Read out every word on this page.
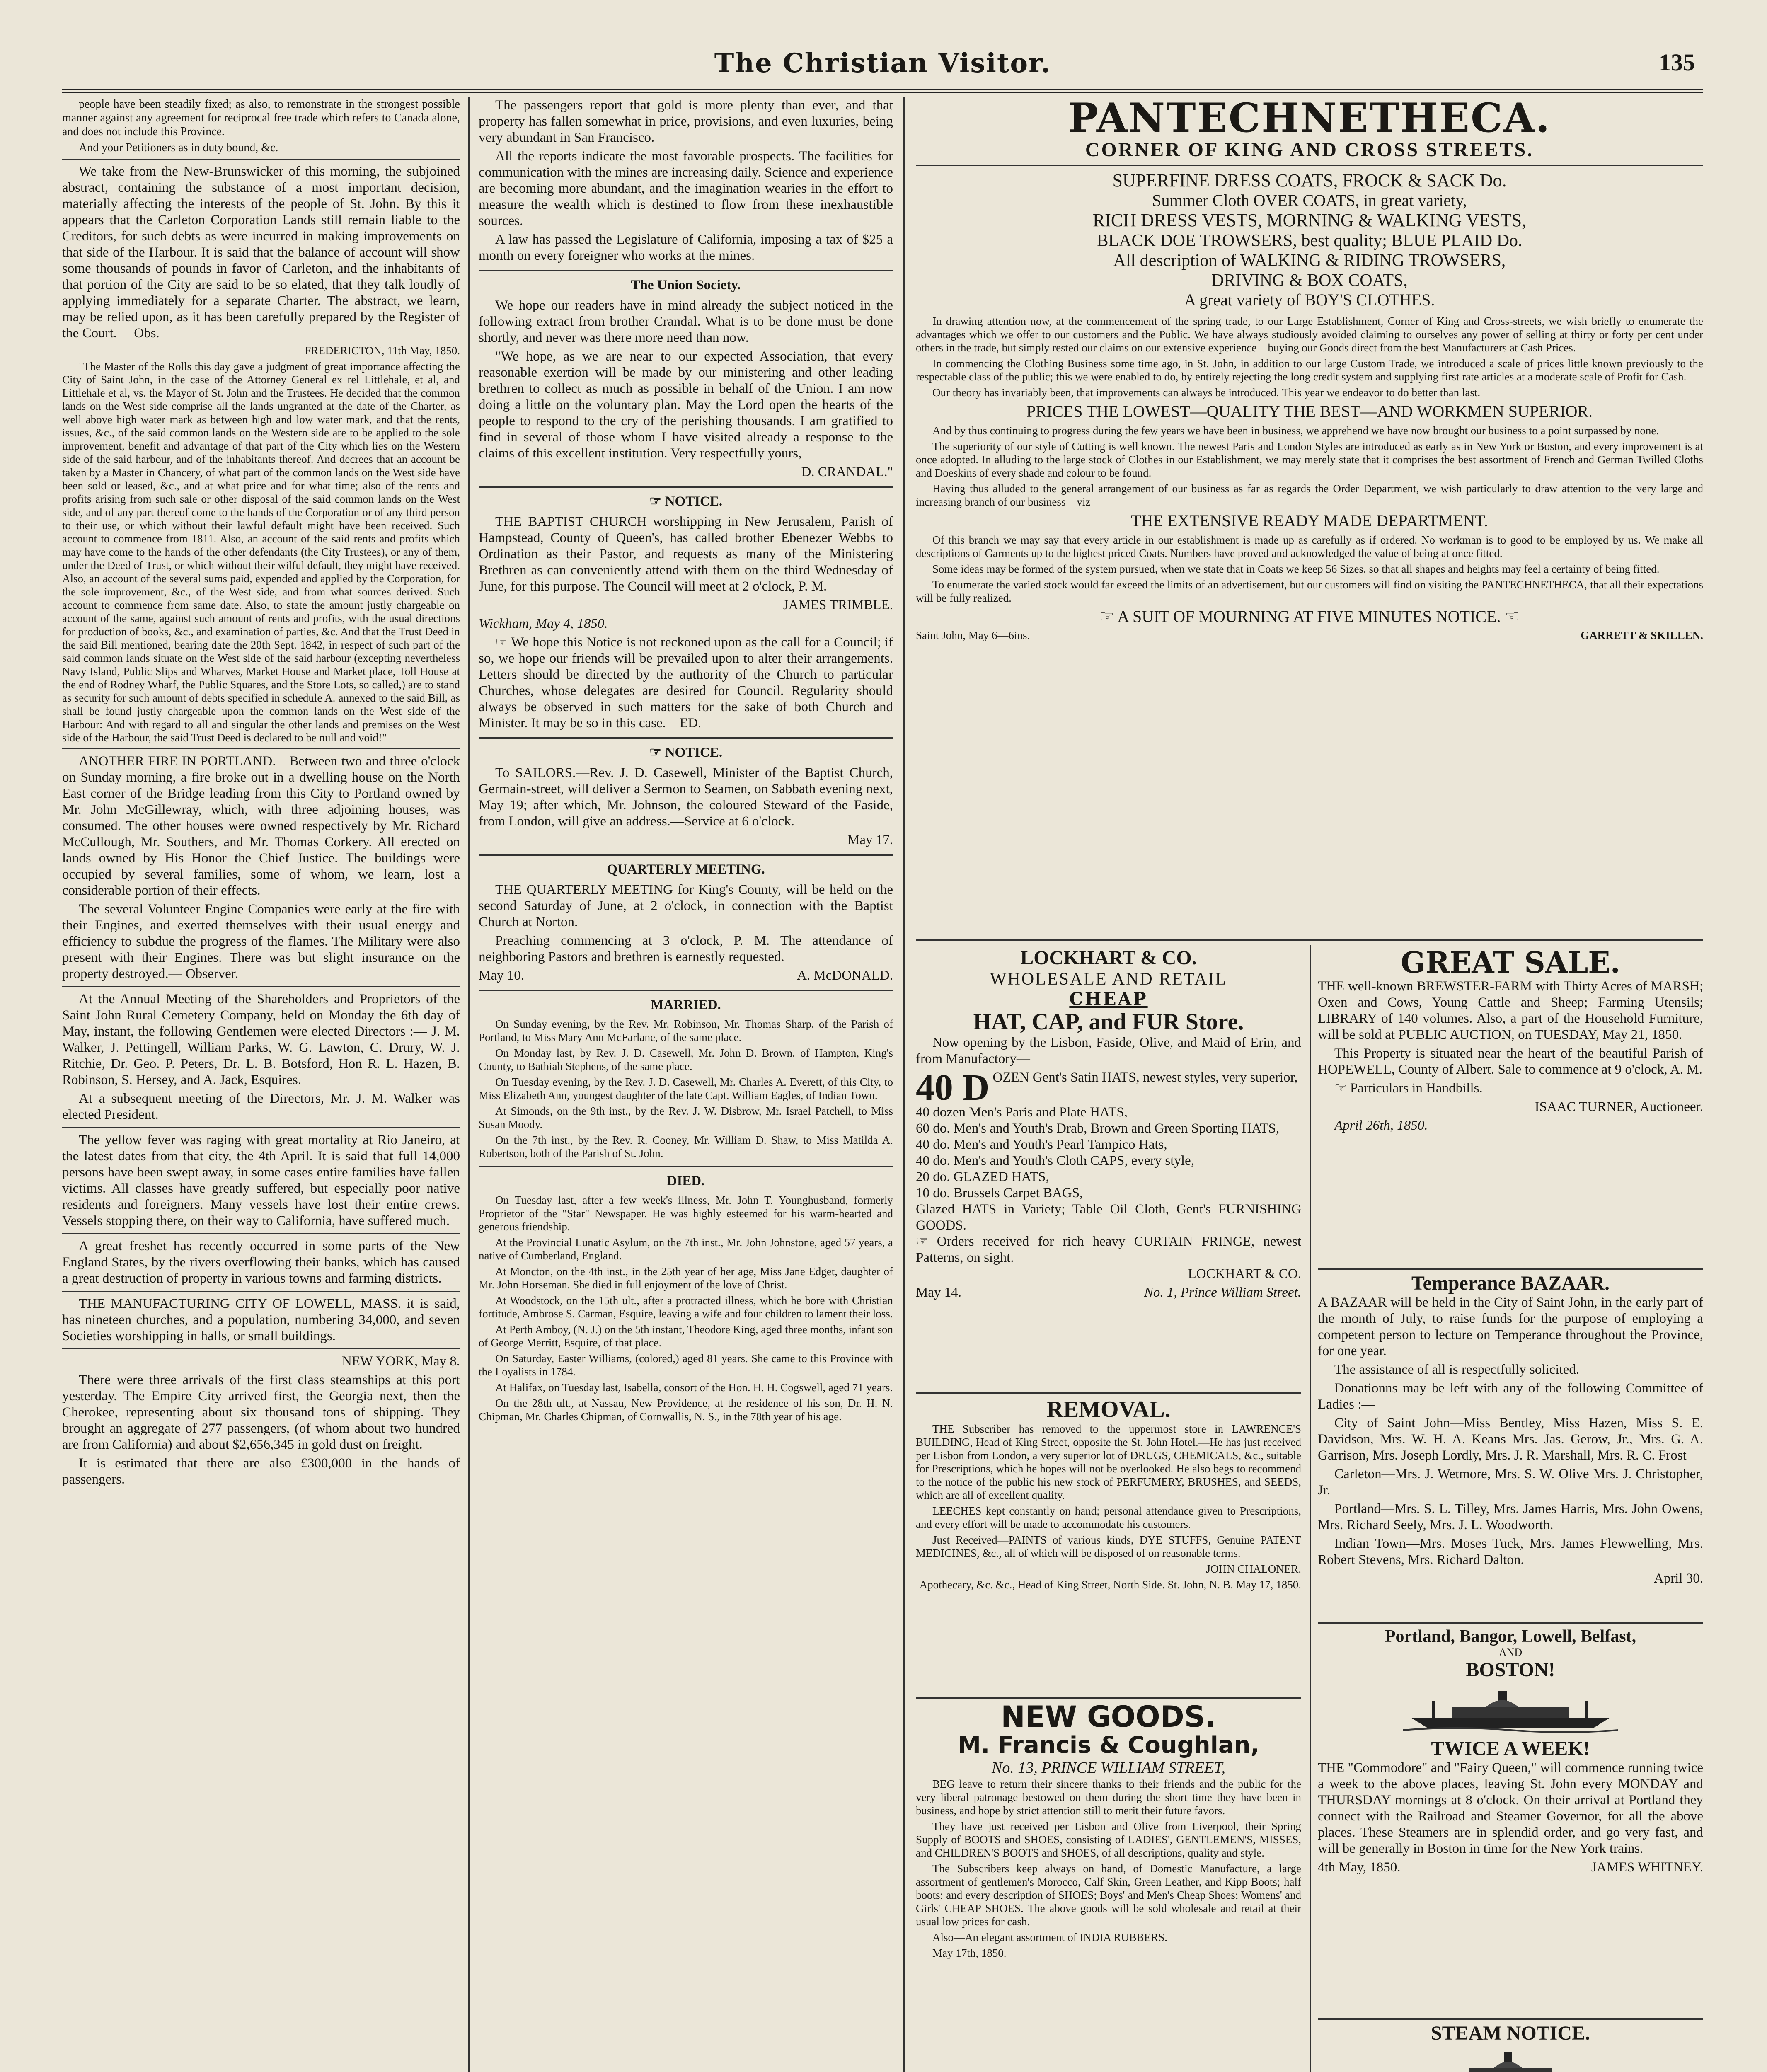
The Christian Visitor.	135

people have been steadily fixed; as also, to remonstrate in the strongest possible manner against any agreement for reciprocal free trade which refers to Canada alone, and does not include this Province.

And your Petitioners as in duty bound, &c.

We take from the New-Brunswicker of this morning, the subjoined abstract, containing the substance of a most important decision, materially affecting the interests of the people of St. John. By this it appears that the Carleton Corporation Lands still remain liable to the Creditors, for such debts as were incurred in making improvements on that side of the Harbour. It is said that the balance of account will show some thousands of pounds in favor of Carleton, and the inhabitants of that portion of the City are said to be so elated, that they talk loudly of applying immediately for a separate Charter. The abstract, we learn, may be relied upon, as it has been carefully prepared by the Register of the Court.— Obs.

FREDERICTON, 11th May, 1850.

"The Master of the Rolls this day gave a judgment of great importance affecting the City of Saint John, in the case of the Attorney General ex rel Littlehale, et al, and Littlehale et al, vs. the Mayor of St. John and the Trustees. He decided that the common lands on the West side comprise all the lands ungranted at the date of the Charter, as well above high water mark as between high and low water mark, and that the rents, issues, &c., of the said common lands on the Western side are to be applied to the sole improvement, benefit and advantage of that part of the City which lies on the Western side of the said harbour, and of the inhabitants thereof. And decrees that an account be taken by a Master in Chancery, of what part of the common lands on the West side have been sold or leased, &c., and at what price and for what time; also of the rents and profits arising from such sale or other disposal of the said common lands on the West side, and of any part thereof come to the hands of the Corporation or of any third person to their use, or which without their lawful default might have been received. Such account to commence from 1811. Also, an account of the said rents and profits which may have come to the hands of the other defendants (the City Trustees), or any of them, under the Deed of Trust, or which without their wilful default, they might have received. Also, an account of the several sums paid, expended and applied by the Corporation, for the sole improvement, &c., of the West side, and from what sources derived. Such account to commence from same date. Also, to state the amount justly chargeable on account of the same, against such amount of rents and profits, with the usual directions for production of books, &c., and examination of parties, &c. And that the Trust Deed in the said Bill mentioned, bearing date the 20th Sept. 1842, in respect of such part of the said common lands situate on the West side of the said harbour (excepting nevertheless Navy Island, Public Slips and Wharves, Market House and Market place, Toll House at the end of Rodney Wharf, the Public Squares, and the Store Lots, so called,) are to stand as security for such amount of debts specified in schedule A. annexed to the said Bill, as shall be found justly chargeable upon the common lands on the West side of the Harbour: And with regard to all and singular the other lands and premises on the West side of the Harbour, the said Trust Deed is declared to be null and void!"

ANOTHER FIRE IN PORTLAND.—Between two and three o'clock on Sunday morning, a fire broke out in a dwelling house on the North East corner of the Bridge leading from this City to Portland owned by Mr. John McGillewray, which, with three adjoining houses, was consumed. The other houses were owned respectively by Mr. Richard McCullough, Mr. Southers, and Mr. Thomas Corkery. All erected on lands owned by His Honor the Chief Justice. The buildings were occupied by several families, some of whom, we learn, lost a considerable portion of their effects.

The several Volunteer Engine Companies were early at the fire with their Engines, and exerted themselves with their usual energy and efficiency to subdue the progress of the flames. The Military were also present with their Engines. There was but slight insurance on the property destroyed.— Observer.

At the Annual Meeting of the Shareholders and Proprietors of the Saint John Rural Cemetery Company, held on Monday the 6th day of May, instant, the following Gentlemen were elected Directors :— J. M. Walker, J. Pettingell, William Parks, W. G. Lawton, C. Drury, W. J. Ritchie, Dr. Geo. P. Peters, Dr. L. B. Botsford, Hon R. L. Hazen, B. Robinson, S. Hersey, and A. Jack, Esquires.

At a subsequent meeting of the Directors, Mr. J. M. Walker was elected President.

The yellow fever was raging with great mortality at Rio Janeiro, at the latest dates from that city, the 4th April. It is said that full 14,000 persons have been swept away, in some cases entire families have fallen victims. All classes have greatly suffered, but especially poor native residents and foreigners. Many vessels have lost their entire crews. Vessels stopping there, on their way to California, have suffered much.

A great freshet has recently occurred in some parts of the New England States, by the rivers overflowing their banks, which has caused a great destruction of property in various towns and farming districts.

THE MANUFACTURING CITY OF LOWELL, MASS. it is said, has nineteen churches, and a population, numbering 34,000, and seven Societies worshipping in halls, or small buildings.

NEW YORK, May 8.

There were three arrivals of the first class steamships at this port yesterday. The Empire City arrived first, the Georgia next, then the Cherokee, representing about six thousand tons of shipping. They brought an aggregate of 277 passengers, (of whom about two hundred are from California) and about $2,656,345 in gold dust on freight.

It is estimated that there are also £300,000 in the hands of passengers.

The passengers report that gold is more plenty than ever, and that property has fallen somewhat in price, provisions, and even luxuries, being very abundant in San Francisco.

All the reports indicate the most favorable prospects. The facilities for communication with the mines are increasing daily. Science and experience are becoming more abundant, and the imagination wearies in the effort to measure the wealth which is destined to flow from these inexhaustible sources.

A law has passed the Legislature of California, imposing a tax of $25 a month on every foreigner who works at the mines.

The Union Society.

We hope our readers have in mind already the subject noticed in the following extract from brother Crandal. What is to be done must be done shortly, and never was there more need than now.

"We hope, as we are near to our expected Association, that every reasonable exertion will be made by our ministering and other leading brethren to collect as much as possible in behalf of the Union. I am now doing a little on the voluntary plan. May the Lord open the hearts of the people to respond to the cry of the perishing thousands. I am gratified to find in several of those whom I have visited already a response to the claims of this excellent institution. Very respectfully yours,

D. CRANDAL."

☞ NOTICE.

THE BAPTIST CHURCH worshipping in New Jerusalem, Parish of Hampstead, County of Queen's, has called brother Ebenezer Webbs to Ordination as their Pastor, and requests as many of the Ministering Brethren as can conveniently attend with them on the third Wednesday of June, for this purpose. The Council will meet at 2 o'clock, P. M.

JAMES TRIMBLE.

Wickham, May 4, 1850.

☞ We hope this Notice is not reckoned upon as the call for a Council; if so, we hope our friends will be prevailed upon to alter their arrangements. Letters should be directed by the authority of the Church to particular Churches, whose delegates are desired for Council. Regularity should always be observed in such matters for the sake of both Church and Minister. It may be so in this case.—ED.

☞ NOTICE.

To SAILORS.—Rev. J. D. Casewell, Minister of the Baptist Church, Germain-street, will deliver a Sermon to Seamen, on Sabbath evening next, May 19; after which, Mr. Johnson, the coloured Steward of the Faside, from London, will give an address.—Service at 6 o'clock.

May 17.

QUARTERLY MEETING.

THE QUARTERLY MEETING for King's County, will be held on the second Saturday of June, at 2 o'clock, in connection with the Baptist Church at Norton.

Preaching commencing at 3 o'clock, P. M. The attendance of neighboring Pastors and brethren is earnestly requested.

May 10.	A. McDONALD.

MARRIED.

On Sunday evening, by the Rev. Mr. Robinson, Mr. Thomas Sharp, of the Parish of Portland, to Miss Mary Ann McFarlane, of the same place.

On Monday last, by Rev. J. D. Casewell, Mr. John D. Brown, of Hampton, King's County, to Bathiah Stephens, of the same place.

On Tuesday evening, by the Rev. J. D. Casewell, Mr. Charles A. Everett, of this City, to Miss Elizabeth Ann, youngest daughter of the late Capt. William Eagles, of Indian Town.

At Simonds, on the 9th inst., by the Rev. J. W. Disbrow, Mr. Israel Patchell, to Miss Susan Moody.

On the 7th inst., by the Rev. R. Cooney, Mr. William D. Shaw, to Miss Matilda A. Robertson, both of the Parish of St. John.

DIED.

On Tuesday last, after a few week's illness, Mr. John T. Younghusband, formerly Proprietor of the "Star" Newspaper. He was highly esteemed for his warm-hearted and generous friendship.

At the Provincial Lunatic Asylum, on the 7th inst., Mr. John Johnstone, aged 57 years, a native of Cumberland, England.

At Moncton, on the 4th inst., in the 25th year of her age, Miss Jane Edget, daughter of Mr. John Horseman. She died in full enjoyment of the love of Christ.

At Woodstock, on the 15th ult., after a protracted illness, which he bore with Christian fortitude, Ambrose S. Carman, Esquire, leaving a wife and four children to lament their loss.

At Perth Amboy, (N. J.) on the 5th instant, Theodore King, aged three months, infant son of George Merritt, Esquire, of that place.

On Saturday, Easter Williams, (colored,) aged 81 years. She came to this Province with the Loyalists in 1784.

At Halifax, on Tuesday last, Isabella, consort of the Hon. H. H. Cogswell, aged 71 years.

On the 28th ult., at Nassau, New Providence, at the residence of his son, Dr. H. N. Chipman, Mr. Charles Chipman, of Cornwallis, N. S., in the 78th year of his age.

PANTECHNETHECA.
CORNER OF KING AND CROSS STREETS.
SUPERFINE DRESS COATS, FROCK & SACK Do.
Summer Cloth OVER COATS, in great variety,
RICH DRESS VESTS, MORNING & WALKING VESTS,
BLACK DOE TROWSERS, best quality; BLUE PLAID Do.
All description of WALKING & RIDING TROWSERS,
DRIVING & BOX COATS,
A great variety of BOY'S CLOTHES.

In drawing attention now, at the commencement of the spring trade, to our Large Establishment, Corner of King and Cross-streets, we wish briefly to enumerate the advantages which we offer to our customers and the Public. We have always studiously avoided claiming to ourselves any power of selling at thirty or forty per cent under others in the trade, but simply rested our claims on our extensive experience—buying our Goods direct from the best Manufacturers at Cash Prices.

In commencing the Clothing Business some time ago, in St. John, in addition to our large Custom Trade, we introduced a scale of prices little known previously to the respectable class of the public; this we were enabled to do, by entirely rejecting the long credit system and supplying first rate articles at a moderate scale of Profit for Cash.

Our theory has invariably been, that improvements can always be introduced. This year we endeavor to do better than last.

PRICES THE LOWEST—QUALITY THE BEST—AND WORKMEN SUPERIOR.

And by thus continuing to progress during the few years we have been in business, we apprehend we have now brought our business to a point surpassed by none.

The superiority of our style of Cutting is well known. The newest Paris and London Styles are introduced as early as in New York or Boston, and every improvement is at once adopted. In alluding to the large stock of Clothes in our Establishment, we may merely state that it comprises the best assortment of French and German Twilled Cloths and Doeskins of every shade and colour to be found.

Having thus alluded to the general arrangement of our business as far as regards the Order Department, we wish particularly to draw attention to the very large and increasing branch of our business—viz—

THE EXTENSIVE READY MADE DEPARTMENT.

Of this branch we may say that every article in our establishment is made up as carefully as if ordered. No workman is to good to be employed by us. We make all descriptions of Garments up to the highest priced Coats. Numbers have proved and acknowledged the value of being at once fitted.

Some ideas may be formed of the system pursued, when we state that in Coats we keep 56 Sizes, so that all shapes and heights may feel a certainty of being fitted.

To enumerate the varied stock would far exceed the limits of an advertisement, but our customers will find on visiting the PANTECHNETHECA, that all their expectations will be fully realized.

☞ A SUIT OF MOURNING AT FIVE MINUTES NOTICE. ☜

Saint John, May 6—6ins.	GARRETT & SKILLEN.
LOCKHART & CO.
WHOLESALE AND RETAIL
CHEAP
HAT, CAP, and FUR Store.

Now opening by the Lisbon, Faside, Olive, and Maid of Erin, and from Manufactory—

40 D OZEN Gent's Satin HATS, newest styles, very superior,

40 dozen Men's Paris and Plate HATS,

60 do. Men's and Youth's Drab, Brown and Green Sporting HATS,

40 do. Men's and Youth's Pearl Tampico Hats,

40 do. Men's and Youth's Cloth CAPS, every style,

20 do. GLAZED HATS,

10 do. Brussels Carpet BAGS,

Glazed HATS in Variety; Table Oil Cloth, Gent's FURNISHING GOODS.

☞ Orders received for rich heavy CURTAIN FRINGE, newest Patterns, on sight.

LOCKHART & CO.

May 14.	No. 1, Prince William Street.
REMOVAL.

THE Subscriber has removed to the uppermost store in LAWRENCE'S BUILDING, Head of King Street, opposite the St. John Hotel.—He has just received per Lisbon from London, a very superior lot of DRUGS, CHEMICALS, &c., suitable for Prescriptions, which he hopes will not be overlooked. He also begs to recommend to the notice of the public his new stock of PERFUMERY, BRUSHES, and SEEDS, which are all of excellent quality.

LEECHES kept constantly on hand; personal attendance given to Prescriptions, and every effort will be made to accommodate his customers.

Just Received—PAINTS of various kinds, DYE STUFFS, Genuine PATENT MEDICINES, &c., all of which will be disposed of on reasonable terms.

JOHN CHALONER.

Apothecary, &c. &c., Head of King Street, North Side. St. John, N. B. May 17, 1850.

NEW GOODS.
M. Francis & Coughlan,
No. 13, PRINCE WILLIAM STREET,

BEG leave to return their sincere thanks to their friends and the public for the very liberal patronage bestowed on them during the short time they have been in business, and hope by strict attention still to merit their future favors.

They have just received per Lisbon and Olive from Liverpool, their Spring Supply of BOOTS and SHOES, consisting of LADIES', GENTLEMEN'S, MISSES, and CHILDREN'S BOOTS and SHOES, of all descriptions, quality and style.

The Subscribers keep always on hand, of Domestic Manufacture, a large assortment of gentlemen's Morocco, Calf Skin, Green Leather, and Kipp Boots; half boots; and every description of SHOES; Boys' and Men's Cheap Shoes; Womens' and Girls' CHEAP SHOES. The above goods will be sold wholesale and retail at their usual low prices for cash.

Also—An elegant assortment of INDIA RUBBERS.

May 17th, 1850.

GREAT SALE.

THE well-known BREWSTER-FARM with Thirty Acres of MARSH; Oxen and Cows, Young Cattle and Sheep; Farming Utensils; LIBRARY of 140 volumes. Also, a part of the Household Furniture, will be sold at PUBLIC AUCTION, on TUESDAY, May 21, 1850.

This Property is situated near the heart of the beautiful Parish of HOPEWELL, County of Albert. Sale to commence at 9 o'clock, A. M.

☞ Particulars in Handbills.

ISAAC TURNER, Auctioneer.

April 26th, 1850.

Temperance BAZAAR.

A BAZAAR will be held in the City of Saint John, in the early part of the month of July, to raise funds for the purpose of employing a competent person to lecture on Temperance throughout the Province, for one year.

The assistance of all is respectfully solicited.

Donationns may be left with any of the following Committee of Ladies :—

City of Saint John—Miss Bentley, Miss Hazen, Miss S. E. Davidson, Mrs. W. H. A. Keans Mrs. Jas. Gerow, Jr., Mrs. G. A. Garrison, Mrs. Joseph Lordly, Mrs. J. R. Marshall, Mrs. R. C. Frost

Carleton—Mrs. J. Wetmore, Mrs. S. W. Olive Mrs. J. Christopher, Jr.

Portland—Mrs. S. L. Tilley, Mrs. James Harris, Mrs. John Owens, Mrs. Richard Seely, Mrs. J. L. Woodworth.

Indian Town—Mrs. Moses Tuck, Mrs. James Flewwelling, Mrs. Robert Stevens, Mrs. Richard Dalton.

April 30.

Portland, Bangor, Lowell, Belfast,
AND
BOSTON!
TWICE A WEEK!

THE "Commodore" and "Fairy Queen," will commence running twice a week to the above places, leaving St. John every MONDAY and THURSDAY mornings at 8 o'clock. On their arrival at Portland they connect with the Railroad and Steamer Governor, for all the above places. These Steamers are in splendid order, and go very fast, and will be generally in Boston in time for the New York trains.

4th May, 1850.	JAMES WHITNEY.
STEAM NOTICE.
